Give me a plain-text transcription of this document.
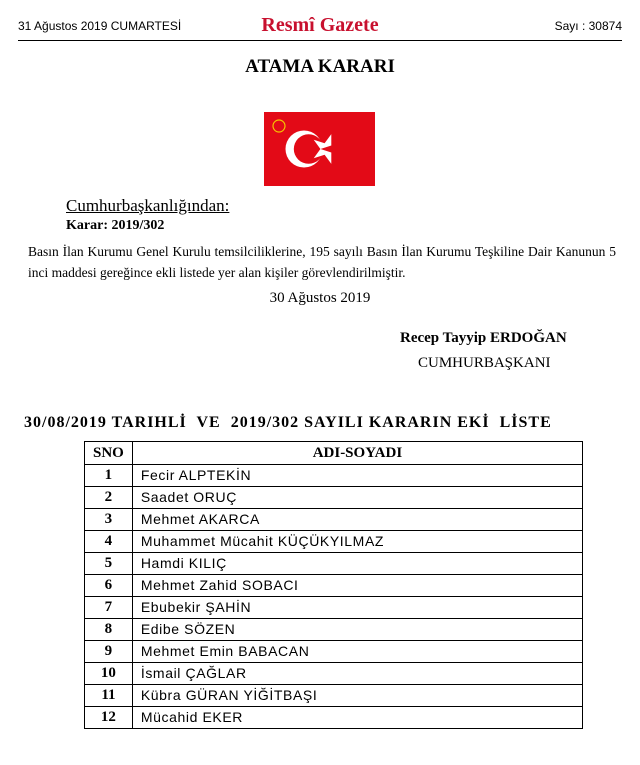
31 Ağustos 2019 CUMARTESİ	Resmî Gazete	Sayı : 30874
ATAMA KARARI
Cumhurbaşkanlığından:
Karar: 2019/302
Basın İlan Kurumu Genel Kurulu temsilciliklerine, 195 sayılı Basın İlan Kurumu Teşkiline Dair Kanunun 5 inci maddesi gereğince ekli listede yer alan kişiler görevlendirilmiştir.
30 Ağustos 2019
Recep Tayyip ERDOĞAN
CUMHURBAŞKANI
30/08/2019 TARIHLİ  VE  2019/302 SAYILI KARARIN EKİ  LİSTE
SNO	ADI-SOYADI
1	Fecir ALPTEKİN
2	Saadet ORUÇ
3	Mehmet AKARCA
4	Muhammet Mücahit KÜÇÜKYILMAZ
5	Hamdi KILIÇ
6	Mehmet Zahid SOBACI
7	Ebubekir ŞAHİN
8	Edibe SÖZEN
9	Mehmet Emin BABACAN
10	İsmail ÇAĞLAR
11	Kübra GÜRAN YİĞİTBAŞI
12	Mücahid EKER
